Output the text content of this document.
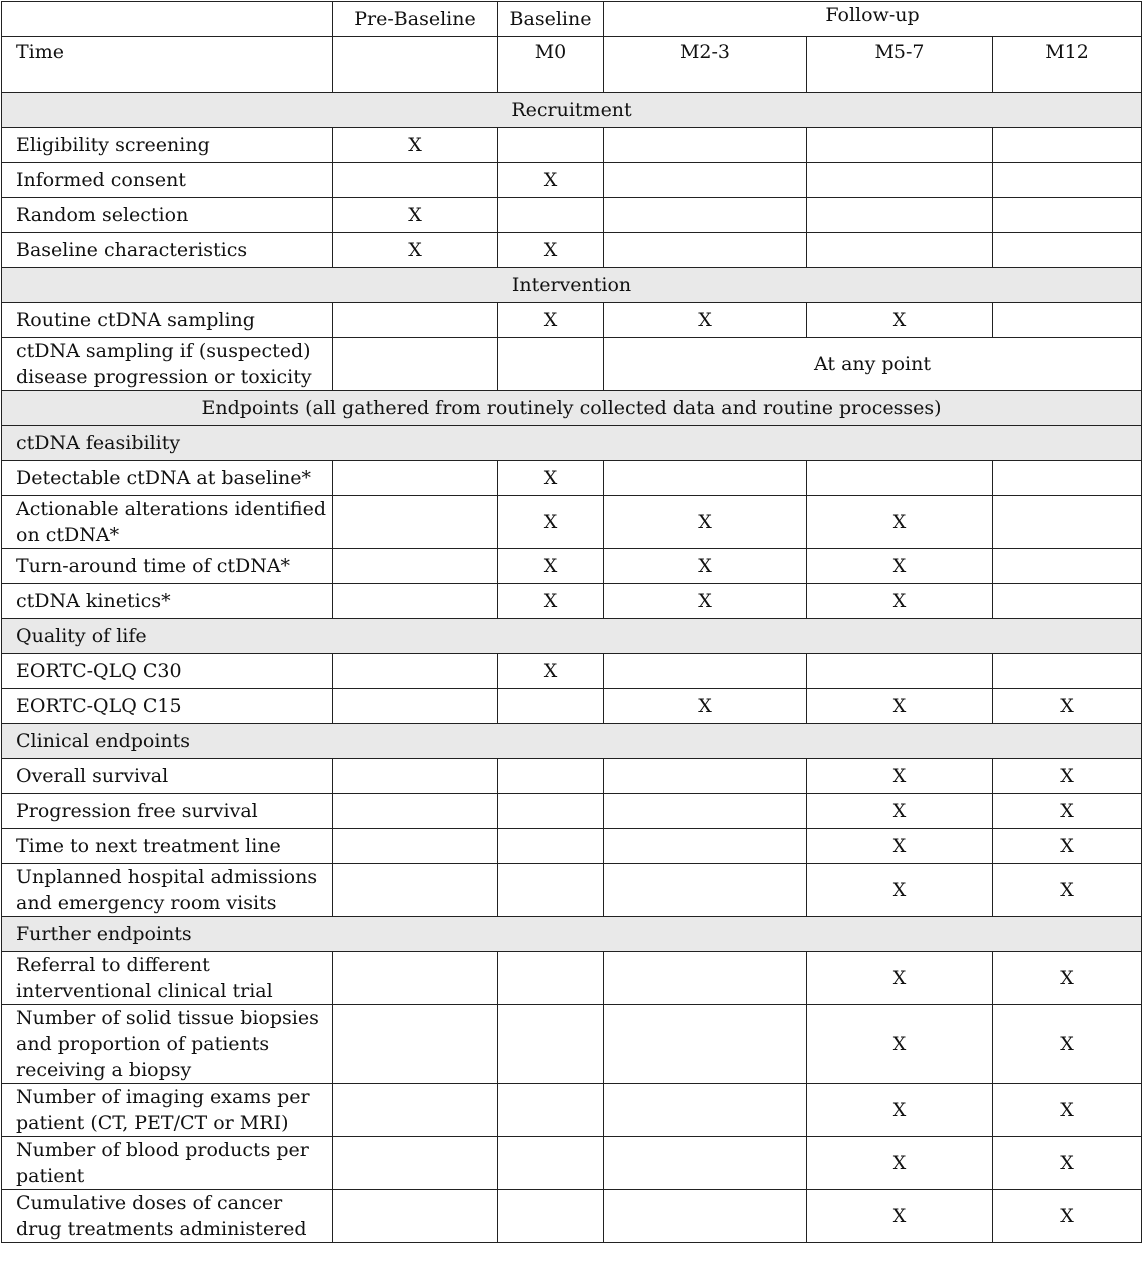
	Pre-Baseline	Baseline	Follow-up		
Time		M0	M2-3	M5-7	M12
Recruitment					
Eligibility screening	X				
Informed consent		X			
Random selection	X				
Baseline characteristics	X	X			
Intervention					
Routine ctDNA sampling		X	X	X	
ctDNA sampling if (suspected) disease progression or toxicity			At any point		
Endpoints (all gathered from routinely collected data and routine processes)					
ctDNA feasibility					
Detectable ctDNA at baseline*		X			
Actionable alterations identified on ctDNA*		X	X	X	
Turn-around time of ctDNA*		X	X	X	
ctDNA kinetics*		X	X	X	
Quality of life					
EORTC-QLQ C30		X			
EORTC-QLQ C15			X	X	X
Clinical endpoints					
Overall survival				X	X
Progression free survival				X	X
Time to next treatment line				X	X
Unplanned hospital admissions and emergency room visits				X	X
Further endpoints					
Referral to different interventional clinical trial				X	X
Number of solid tissue biopsies and proportion of patients receiving a biopsy				X	X
Number of imaging exams per patient (CT, PET/CT or MRI)				X	X
Number of blood products per patient				X	X
Cumulative doses of cancer drug treatments administered				X	X
